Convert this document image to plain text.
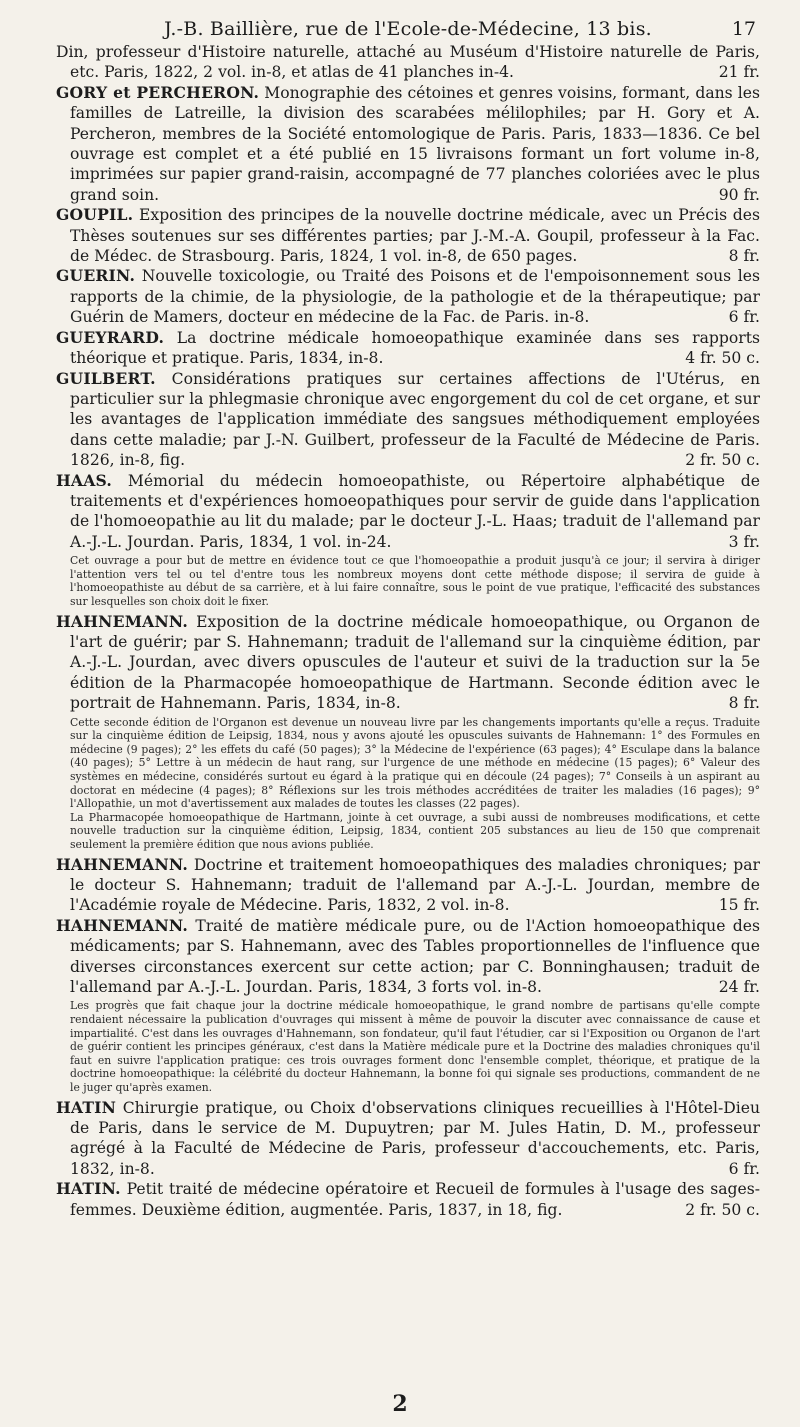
J.-B. Baillière, rue de l'Ecole-de-Médecine, 13 bis.	17

Din, professeur d'Histoire naturelle, attaché au Muséum d'Histoire naturelle de Paris, etc. Paris, 1822, 2 vol. in-8, et atlas de 41 planches in-4.	21 fr.

GORY et PERCHERON. Monographie des cétoines et genres voisins, formant, dans les familles de Latreille, la division des scarabées mélilophiles; par H. Gory et A. Percheron, membres de la Société entomologique de Paris. Paris, 1833—1836. Ce bel ouvrage est complet et a été publié en 15 livraisons formant un fort volume in-8, imprimées sur papier grand-raisin, accompagné de 77 planches coloriées avec le plus grand soin.	90 fr.

GOUPIL. Exposition des principes de la nouvelle doctrine médicale, avec un Précis des Thèses soutenues sur ses différentes parties; par J.-M.-A. Goupil, professeur à la Fac. de Médec. de Strasbourg. Paris, 1824, 1 vol. in-8, de 650 pages.	8 fr.

GUERIN. Nouvelle toxicologie, ou Traité des Poisons et de l'empoisonnement sous les rapports de la chimie, de la physiologie, de la pathologie et de la thérapeutique; par Guérin de Mamers, docteur en médecine de la Fac. de Paris. in-8.	6 fr.

GUEYRARD. La doctrine médicale homoeopathique examinée dans ses rapports théorique et pratique. Paris, 1834, in-8.	4 fr. 50 c.

GUILBERT. Considérations pratiques sur certaines affections de l'Utérus, en particulier sur la phlegmasie chronique avec engorgement du col de cet organe, et sur les avantages de l'application immédiate des sangsues méthodiquement employées dans cette maladie; par J.-N. Guilbert, professeur de la Faculté de Médecine de Paris. 1826, in-8, fig.	2 fr. 50 c.

HAAS. Mémorial du médecin homoeopathiste, ou Répertoire alphabétique de traitements et d'expériences homoeopathiques pour servir de guide dans l'application de l'homoeopathie au lit du malade; par le docteur J.-L. Haas; traduit de l'allemand par A.-J.-L. Jourdan. Paris, 1834, 1 vol. in-24.	3 fr.

Cet ouvrage a pour but de mettre en évidence tout ce que l'homoeopathie a produit jusqu'à ce jour; il servira à diriger l'attention vers tel ou tel d'entre tous les nombreux moyens dont cette méthode dispose; il servira de guide à l'homoeopathiste au début de sa carrière, et à lui faire connaître, sous le point de vue pratique, l'efficacité des substances sur lesquelles son choix doit le fixer.

HAHNEMANN. Exposition de la doctrine médicale homoeopathique, ou Organon de l'art de guérir; par S. Hahnemann; traduit de l'allemand sur la cinquième édition, par A.-J.-L. Jourdan, avec divers opuscules de l'auteur et suivi de la traduction sur la 5e édition de la Pharmacopée homoeopathique de Hartmann. Seconde édition avec le portrait de Hahnemann. Paris, 1834, in-8.	8 fr.

Cette seconde édition de l'Organon est devenue un nouveau livre par les changements importants qu'elle a reçus. Traduite sur la cinquième édition de Leipsig, 1834, nous y avons ajouté les opuscules suivants de Hahnemann: 1° des Formules en médecine (9 pages); 2° les effets du café (50 pages); 3° la Médecine de l'expérience (63 pages); 4° Esculape dans la balance (40 pages); 5° Lettre à un médecin de haut rang, sur l'urgence de une méthode en médecine (15 pages); 6° Valeur des systèmes en médecine, considérés surtout eu égard à la pratique qui en découle (24 pages); 7° Conseils à un aspirant au doctorat en médecine (4 pages); 8° Réflexions sur les trois méthodes accréditées de traiter les maladies (16 pages); 9° l'Allopathie, un mot d'avertissement aux malades de toutes les classes (22 pages).

La Pharmacopée homoeopathique de Hartmann, jointe à cet ouvrage, a subi aussi de nombreuses modifications, et cette nouvelle traduction sur la cinquième édition, Leipsig, 1834, contient 205 substances au lieu de 150 que comprenait seulement la première édition que nous avions publiée.

HAHNEMANN. Doctrine et traitement homoeopathiques des maladies chroniques; par le docteur S. Hahnemann; traduit de l'allemand par A.-J.-L. Jourdan, membre de l'Académie royale de Médecine. Paris, 1832, 2 vol. in-8.	15 fr.

HAHNEMANN. Traité de matière médicale pure, ou de l'Action homoeopathique des médicaments; par S. Hahnemann, avec des Tables proportionnelles de l'influence que diverses circonstances exercent sur cette action; par C. Bonninghausen; traduit de l'allemand par A.-J.-L. Jourdan. Paris, 1834, 3 forts vol. in-8.	24 fr.

Les progrès que fait chaque jour la doctrine médicale homoeopathique, le grand nombre de partisans qu'elle compte rendaient nécessaire la publication d'ouvrages qui missent à même de pouvoir la discuter avec connaissance de cause et impartialité. C'est dans les ouvrages d'Hahnemann, son fondateur, qu'il faut l'étudier, car si l'Exposition ou Organon de l'art de guérir contient les principes généraux, c'est dans la Matière médicale pure et la Doctrine des maladies chroniques qu'il faut en suivre l'application pratique: ces trois ouvrages forment donc l'ensemble complet, théorique, et pratique de la doctrine homoeopathique: la célébrité du docteur Hahnemann, la bonne foi qui signale ses productions, commandent de ne le juger qu'après examen.

HATIN Chirurgie pratique, ou Choix d'observations cliniques recueillies à l'Hôtel-Dieu de Paris, dans le service de M. Dupuytren; par M. Jules Hatin, D. M., professeur agrégé à la Faculté de Médecine de Paris, professeur d'accouchements, etc. Paris, 1832, in-8.	6 fr.

HATIN. Petit traité de médecine opératoire et Recueil de formules à l'usage des sages-femmes. Deuxième édition, augmentée. Paris, 1837, in 18, fig.	2 fr. 50 c.

2
